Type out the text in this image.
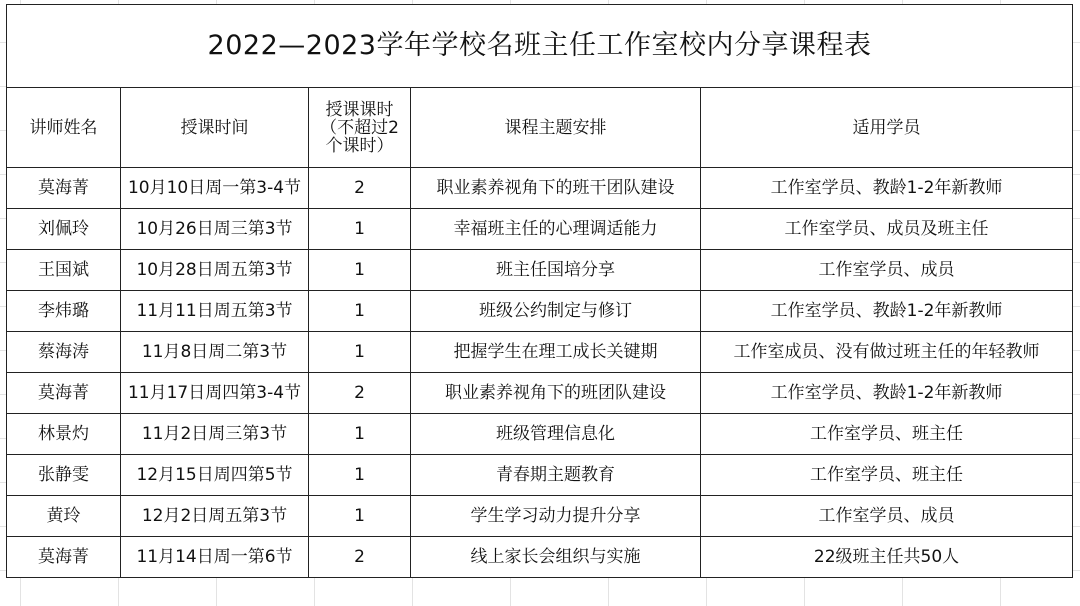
2022—2023学年学校名班主任工作室校内分享课程表				
讲师姓名	授课时间	授课课时（不超过2个课时）	课程主题安排	适用学员
莫海菁	10月10日周一第3-4节	2	职业素养视角下的班干团队建设	工作室学员、教龄1-2年新教师
刘佩玲	10月26日周三第3节	1	幸福班主任的心理调适能力	工作室学员、成员及班主任
王国斌	10月28日周五第3节	1	班主任国培分享	工作室学员、成员
李炜璐	11月11日周五第3节	1	班级公约制定与修订	工作室学员、教龄1-2年新教师
蔡海涛	11月8日周二第3节	1	把握学生在理工成长关键期	工作室成员、没有做过班主任的年轻教师
莫海菁	11月17日周四第3-4节	2	职业素养视角下的班团队建设	工作室学员、教龄1-2年新教师
林景灼	11月2日周三第3节	1	班级管理信息化	工作室学员、班主任
张静雯	12月15日周四第5节	1	青春期主题教育	工作室学员、班主任
黄玲	12月2日周五第3节	1	学生学习动力提升分享	工作室学员、成员
莫海菁	11月14日周一第6节	2	线上家长会组织与实施	22级班主任共50人
